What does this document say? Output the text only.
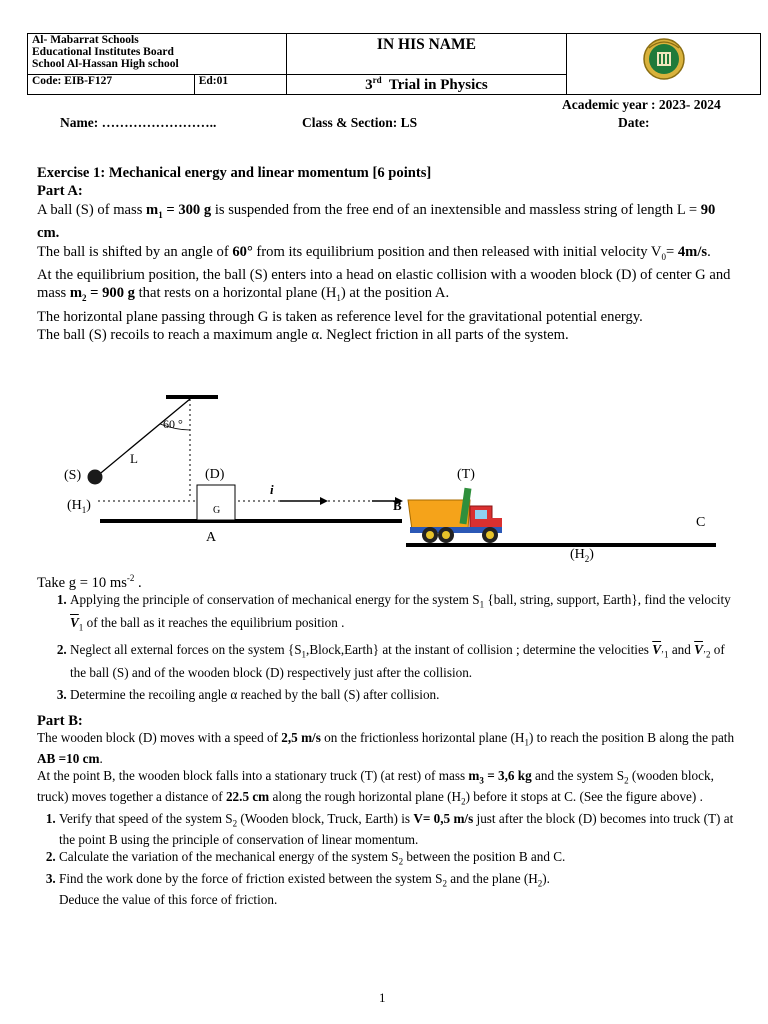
Al- Mabarrat Schools
Educational Institutes Board
School Al-Hassan High school		IN HIS NAME	

Code: EIB-F127	Ed:01	3rd  Trial in Physics	
Academic year : 2023- 2024
Name: ……………………..	Class & Section: LS	Date:
Exercise 1: Mechanical energy and linear momentum [6 points]
Part A:
A ball (S) of mass $m_1 = 300$ g is suspended from the free end of an inextensible and massless string of length L = 90 cm.
The ball is shifted by an angle of 60° from its equilibrium position and then released with initial velocity $V_0= 4m/s$.
At the equilibrium position, the ball (S) enters into a head on elastic collision with a wooden block (D) of center G and mass $m_2 = 900$ g that rests on a horizontal plane $(H_1)$ at the position A.
The horizontal plane passing through G is taken as reference level for the gravitational potential energy.
The ball (S) recoils to reach a maximum angle α. Neglect friction in all parts of the system.
60 °
L
(S)	(D)	(T)
$(H_1)$	G
i
B
A
C
$(H_2)$
Take g = 10 $ms^{-2}$ .
1. Applying the principle of conservation of mechanical energy for the system $S_1$ {ball, string, support, Earth}, find the velocity $\overline{V}_1$ of the ball as it reaches the equilibrium position .
2. Neglect all external forces on the system $\{S_1,Block,Earth\}$ at the instant of collision ; determine the velocities $\overline{V}_{’1}$ and $\overline{V}_{’2}$ of the ball (S) and of the wooden block (D) respectively just after the collision.
3. Determine the recoiling angle α reached by the ball (S) after collision.
Part B:
The wooden block (D) moves with a speed of 2,5 m/s on the frictionless horizontal plane $(H_1)$ to reach the position B along the path AB =10 cm.
At the point B, the wooden block falls into a stationary truck (T) (at rest) of mass $m_3 = 3,6$ kg and the system $S_2$ (wooden block, truck) moves together a distance of 22.5 cm along the rough horizontal plane $(H_2)$ before it stops at C. (See the figure above) .
1. Verify that speed of the system $S_2$ (Wooden block, Truck, Earth) is V= 0,5 m/s just after the block (D) becomes into truck (T) at the point B using the principle of conservation of linear momentum.
2. Calculate the variation of the mechanical energy of the system $S_2$ between the position B and C.
3. Find the work done by the force of friction existed between the system $S_2$ and the plane $(H_2)$.
Deduce the value of this force of friction.
1
